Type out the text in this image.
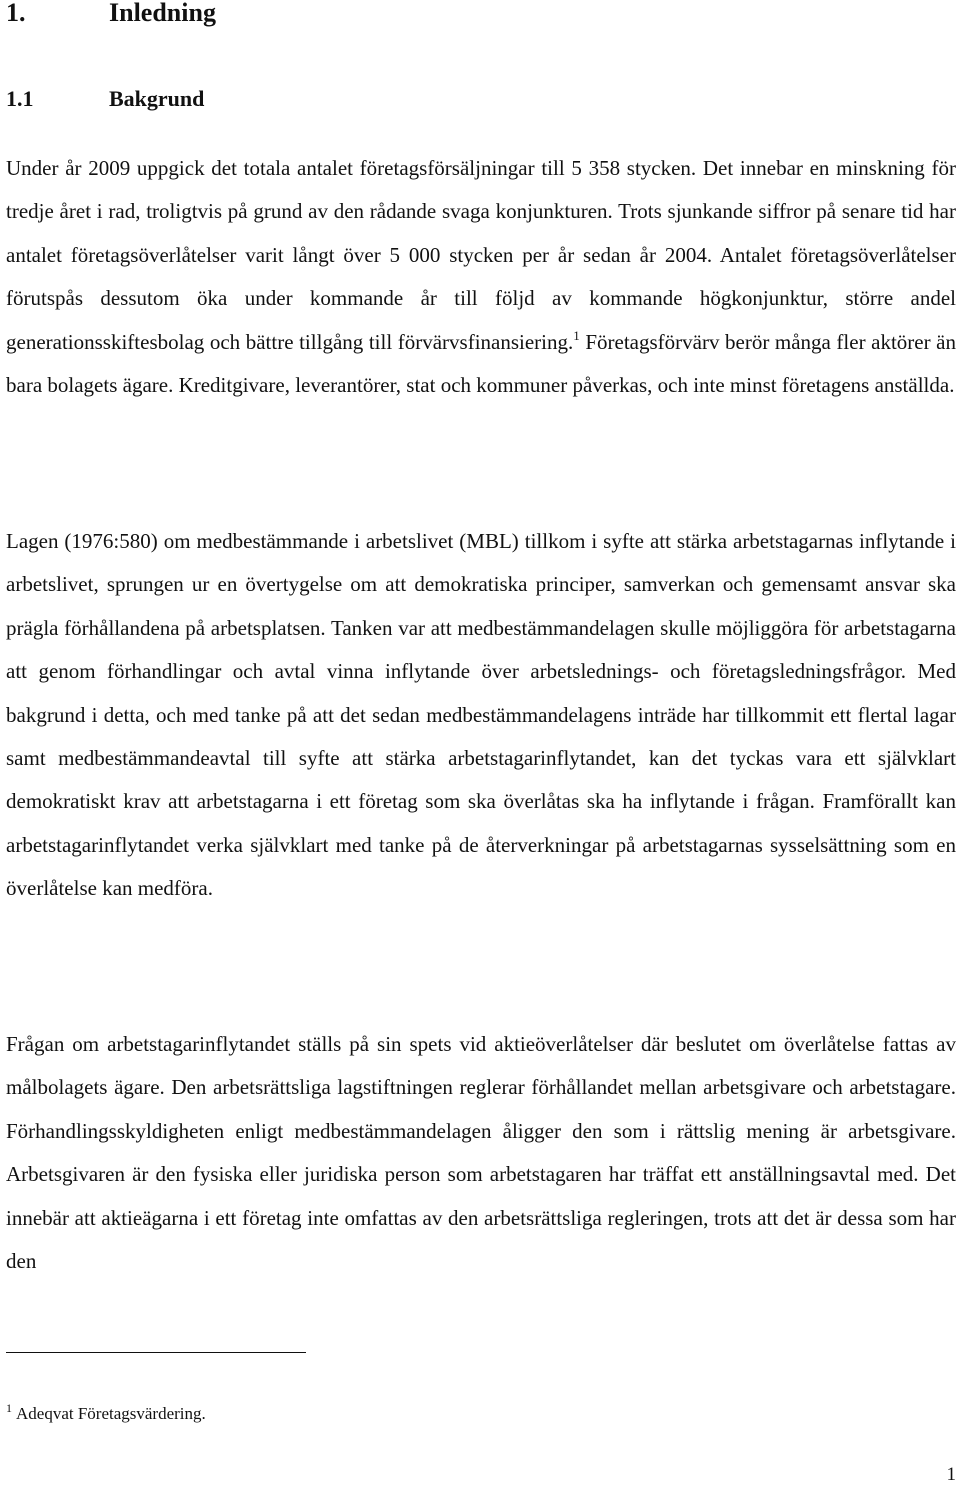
1.	Inledning
1.1	Bakgrund
Under år 2009 uppgick det totala antalet företagsförsäljningar till 5 358 stycken. Det innebar en minskning för tredje året i rad, troligtvis på grund av den rådande svaga konjunkturen. Trots sjunkande siffror på senare tid har antalet företagsöverlåtelser varit långt över 5 000 stycken per år sedan år 2004. Antalet företagsöverlåtelser förutspås dessutom öka under kommande år till följd av kommande högkonjunktur, större andel generationsskiftesbolag och bättre tillgång till förvärvsfinansiering.$^1$ Företagsförvärv berör många fler aktörer än bara bolagets ägare. Kreditgivare, leverantörer, stat och kommuner påverkas, och inte minst företagens anställda.
Lagen (1976:580) om medbestämmande i arbetslivet (MBL) tillkom i syfte att stärka arbetstagarnas inflytande i arbetslivet, sprungen ur en övertygelse om att demokratiska principer, samverkan och gemensamt ansvar ska prägla förhållandena på arbetsplatsen. Tanken var att medbestämmandelagen skulle möjliggöra för arbetstagarna att genom förhandlingar och avtal vinna inflytande över arbetslednings- och företagsledningsfrågor. Med bakgrund i detta, och med tanke på att det sedan medbestämmandelagens inträde har tillkommit ett flertal lagar samt medbestämmandeavtal till syfte att stärka arbetstagarinflytandet, kan det tyckas vara ett självklart demokratiskt krav att arbetstagarna i ett företag som ska överlåtas ska ha inflytande i frågan. Framförallt kan arbetstagarinflytandet verka självklart med tanke på de återverkningar på arbetstagarnas sysselsättning som en överlåtelse kan medföra.
Frågan om arbetstagarinflytandet ställs på sin spets vid aktieöverlåtelser där beslutet om överlåtelse fattas av målbolagets ägare. Den arbetsrättsliga lagstiftningen reglerar förhållandet mellan arbetsgivare och arbetstagare. Förhandlingsskyldigheten enligt medbestämmandelagen åligger den som i rättslig mening är arbetsgivare. Arbetsgivaren är den fysiska eller juridiska person som arbetstagaren har träffat ett anställningsavtal med. Det innebär att aktieägarna i ett företag inte omfattas av den arbetsrättsliga regleringen, trots att det är dessa som har den
$^1$ Adeqvat Företagsvärdering.
1
